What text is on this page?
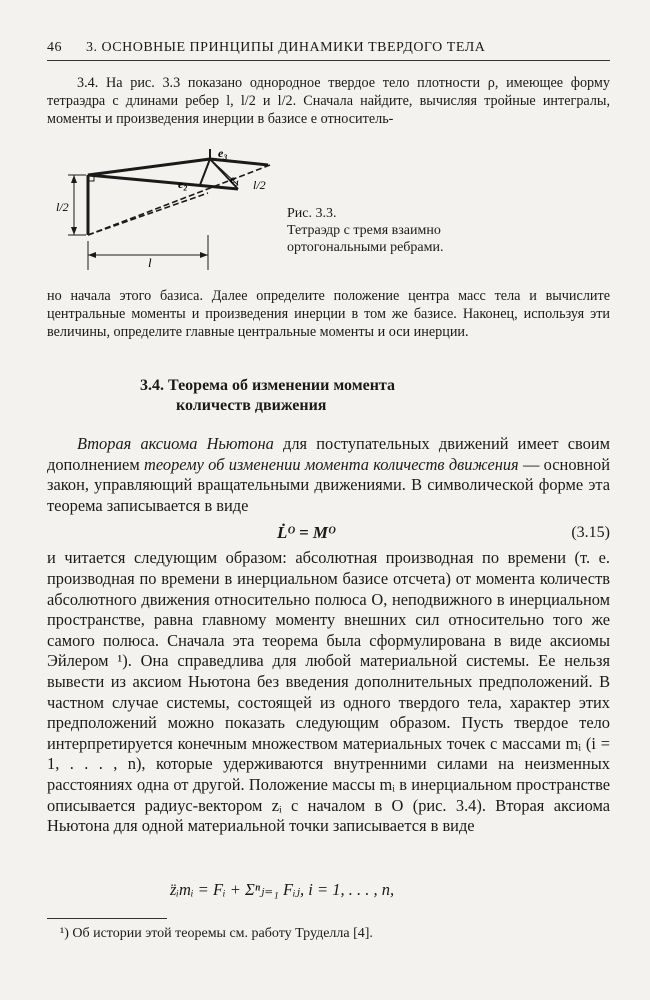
46 3. ОСНОВНЫЕ ПРИНЦИПЫ ДИНАМИКИ ТВЕРДОГО ТЕЛА

3.4. На рис. 3.3 показано однородное твердое тело плотности ρ, имеющее форму тетраэдра с длинами ребер l, l/2 и l/2. Сначала найдите, вычисляя тройные интегралы, моменты и произведения инерции в базисе e относитель-

e₃
e₂	e₁ l/2
l/2
l
Рис. 3.3.
Тетраэдр с тремя взаимно ортогональными ребрами.

но начала этого базиса. Далее определите положение центра масс тела и вычислите центральные моменты и произведения инерции в том же базисе. Наконец, используя эти величины, определите главные центральные моменты и оси инерции.

3.4. Теорема об изменении момента
количеств движения

Вторая аксиома Ньютона для поступательных движений имеет своим дополнением теорему об изменении момента количеств движения — основной закон, управляющий вращательными движениями. В символической форме эта теорема записывается в виде

L̇ᴼ = Mᴼ	(3.15)

и читается следующим образом: абсолютная производная по времени (т. е. производная по времени в инерциальном базисе отсчета) от момента количеств абсолютного движения относительно полюса O, неподвижного в инерциальном пространстве, равна главному моменту внешних сил относительно того же самого полюса. Сначала эта теорема была сформулирована в виде аксиомы Эйлером ¹). Она справедлива для любой материальной системы. Ее нельзя вывести из аксиом Ньютона без введения дополнительных предположений. В частном случае системы, состоящей из одного твердого тела, характер этих предположений можно показать следующим образом. Пусть твердое тело интерпретируется конечным множеством материальных точек с массами mᵢ (i = 1, . . . , n), которые удерживаются внутренними силами на неизменных расстояниях одна от другой. Положение массы mᵢ в инерциальном пространстве описывается радиус-вектором zᵢ с началом в O (рис. 3.4). Вторая аксиома Ньютона для одной материальной точки записывается в виде

z̈ᵢmᵢ = Fᵢ + Σⁿⱼ₌₁ Fᵢⱼ, i = 1, . . . , n,
¹) Об истории этой теоремы см. работу Труделла [4].
